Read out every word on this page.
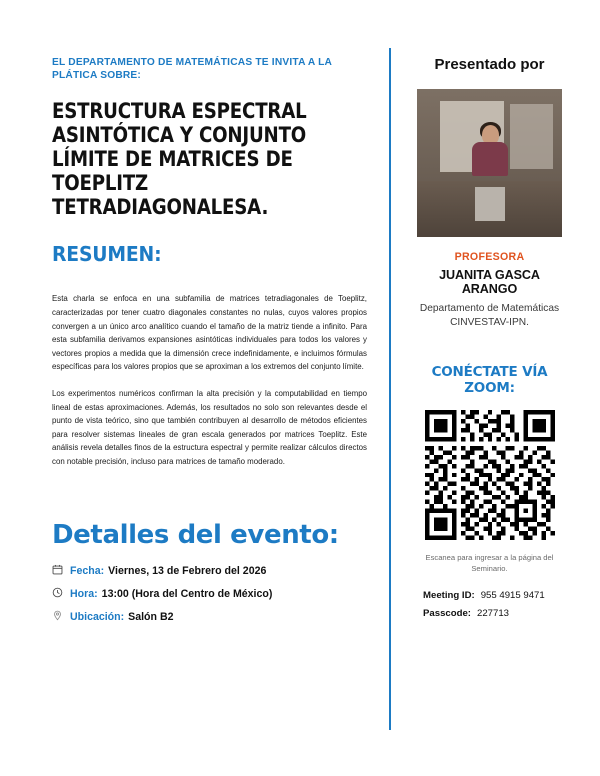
EL DEPARTAMENTO DE MATEMÁTICAS TE INVITA A LA PLÁTICA SOBRE:
ESTRUCTURA ESPECTRAL ASINTÓTICA Y CONJUNTO LÍMITE DE MATRICES DE TOEPLITZ TETRADIAGONALESA.
RESUMEN:

Esta charla se enfoca en una subfamilia de matrices tetradiagonales de Toeplitz, caracterizadas por tener cuatro diagonales constantes no nulas, cuyos valores propios convergen a un único arco analítico cuando el tamaño de la matriz tiende a infinito. Para esta subfamilia derivamos expansiones asintóticas individuales para todos los valores y vectores propios a medida que la dimensión crece indefinidamente, e incluimos fórmulas específicas para los valores propios que se aproximan a los extremos del conjunto límite.

Los experimentos numéricos confirman la alta precisión y la computabilidad en tiempo lineal de estas aproximaciones. Además, los resultados no solo son relevantes desde el punto de vista teórico, sino que también contribuyen al desarrollo de métodos eficientes para resolver sistemas lineales de gran escala generados por matrices Toeplitz. Este análisis revela detalles finos de la estructura espectral y permite realizar cálculos directos con notable precisión, incluso para matrices de tamaño moderado.

Detalles del evento:
Fecha: Viernes, 13 de Febrero del 2026
Hora: 13:00 (Hora del Centro de México)
Ubicación: Salón B2
Presentado por
PROFESORA
JUANITA GASCA ARANGO
Departamento de Matemáticas
CINVESTAV-IPN.
CONÉCTATE VÍA ZOOM:
Escanea para ingresar a la página del Seminario.
Meeting ID: 955 4915 9471
Passcode: 227713
